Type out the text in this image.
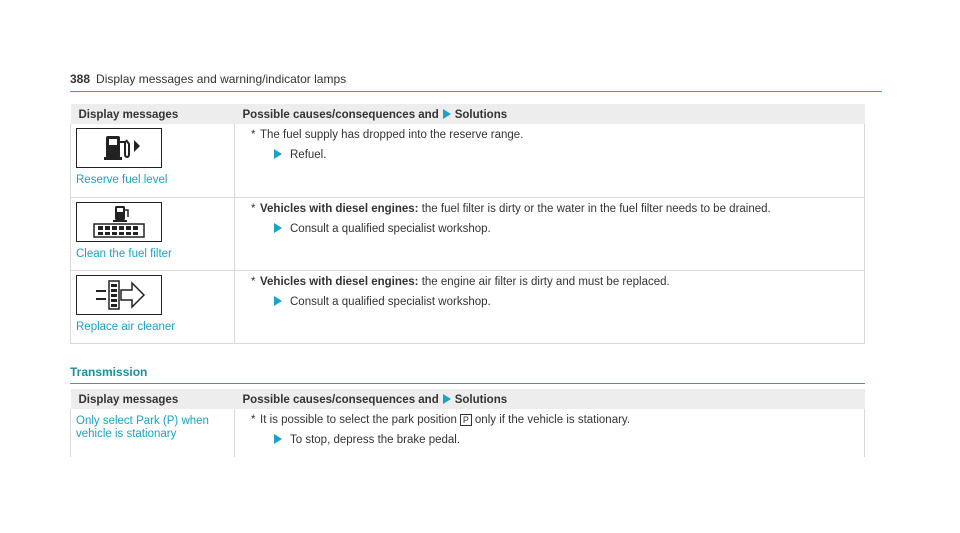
388 Display messages and warning/indicator lamps
Display messages	Possible causes/consequences and Solutions

Reserve fuel level	* The fuel supply has dropped into the reserve range.
Refuel.

Clean the fuel filter	* Vehicles with diesel engines: the fuel filter is dirty or the water in the fuel filter needs to be drained.
Consult a qualified specialist workshop.

Replace air cleaner	* Vehicles with diesel engines: the engine air filter is dirty and must be replaced.
Consult a qualified specialist workshop.
Transmission
Display messages	Possible causes/consequences and Solutions

Only select Park (P) when vehicle is stationary	* It is possible to select the park position P only if the vehicle is stationary.
To stop, depress the brake pedal.
